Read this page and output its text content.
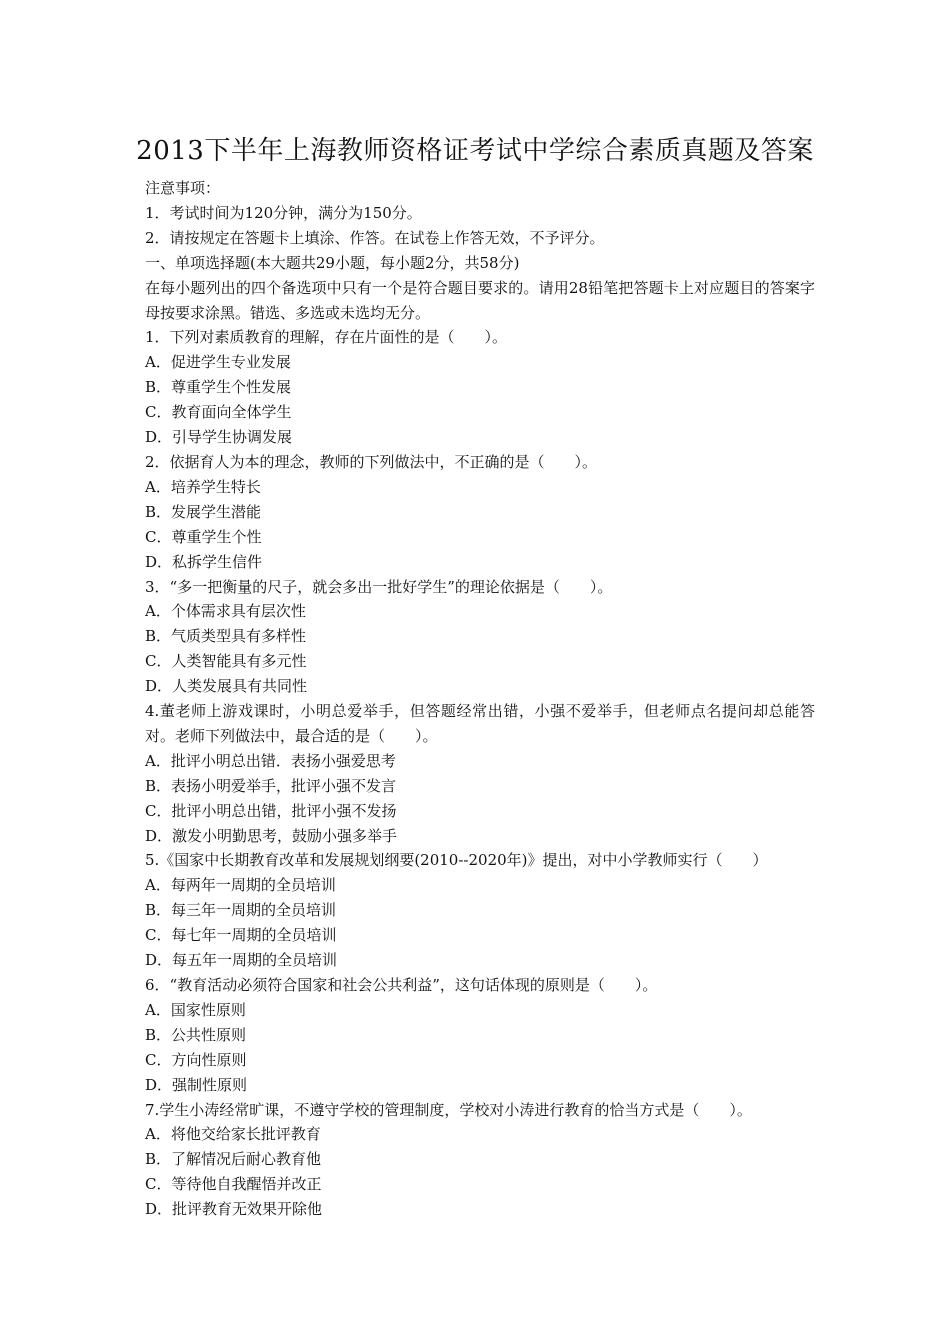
2013下半年上海教师资格证考试中学综合素质真题及答案

注意事项：

1．考试时间为120分钟，满分为150分。

2．请按规定在答题卡上填涂、作答。在试卷上作答无效，不予评分。

一、单项选择题(本大题共29小题，每小题2分，共58分)

在每小题列出的四个备选项中只有一个是符合题目要求的。请用28铅笔把答题卡上对应题目的答案字母按要求涂黑。错选、多选或未选均无分。

1．下列对素质教育的理解，存在片面性的是（　　）。

A．促进学生专业发展

B．尊重学生个性发展

C．教育面向全体学生

D．引导学生协调发展

2．依据育人为本的理念，教师的下列做法中，不正确的是（　　）。

A．培养学生特长

B．发展学生潜能

C．尊重学生个性

D．私拆学生信件

3．“多一把衡量的尺子，就会多出一批好学生”的理论依据是（　　）。

A．个体需求具有层次性

B．气质类型具有多样性

C．人类智能具有多元性

D．人类发展具有共同性

4.董老师上游戏课时，小明总爱举手，但答题经常出错，小强不爱举手，但老师点名提问却总能答对。老师下列做法中，最合适的是（　　）。

A．批评小明总出错．表扬小强爱思考

B．表扬小明爱举手，批评小强不发言

C．批评小明总出错，批评小强不发扬

D．激发小明勤思考，鼓励小强多举手

5.《国家中长期教育改革和发展规划纲要(2010--2020年)》提出，对中小学教师实行（　　）

A．每两年一周期的全员培训

B．每三年一周期的全员培训

C．每七年一周期的全员培训

D．每五年一周期的全员培训

6．“教育活动必须符合国家和社会公共利益”，这句话体现的原则是（　　）。

A．国家性原则

B．公共性原则

C．方向性原则

D．强制性原则

7.学生小涛经常旷课，不遵守学校的管理制度，学校对小涛进行教育的恰当方式是（　　）。

A．将他交给家长批评教育

B．了解情况后耐心教育他

C．等待他自我醒悟并改正

D．批评教育无效果开除他
